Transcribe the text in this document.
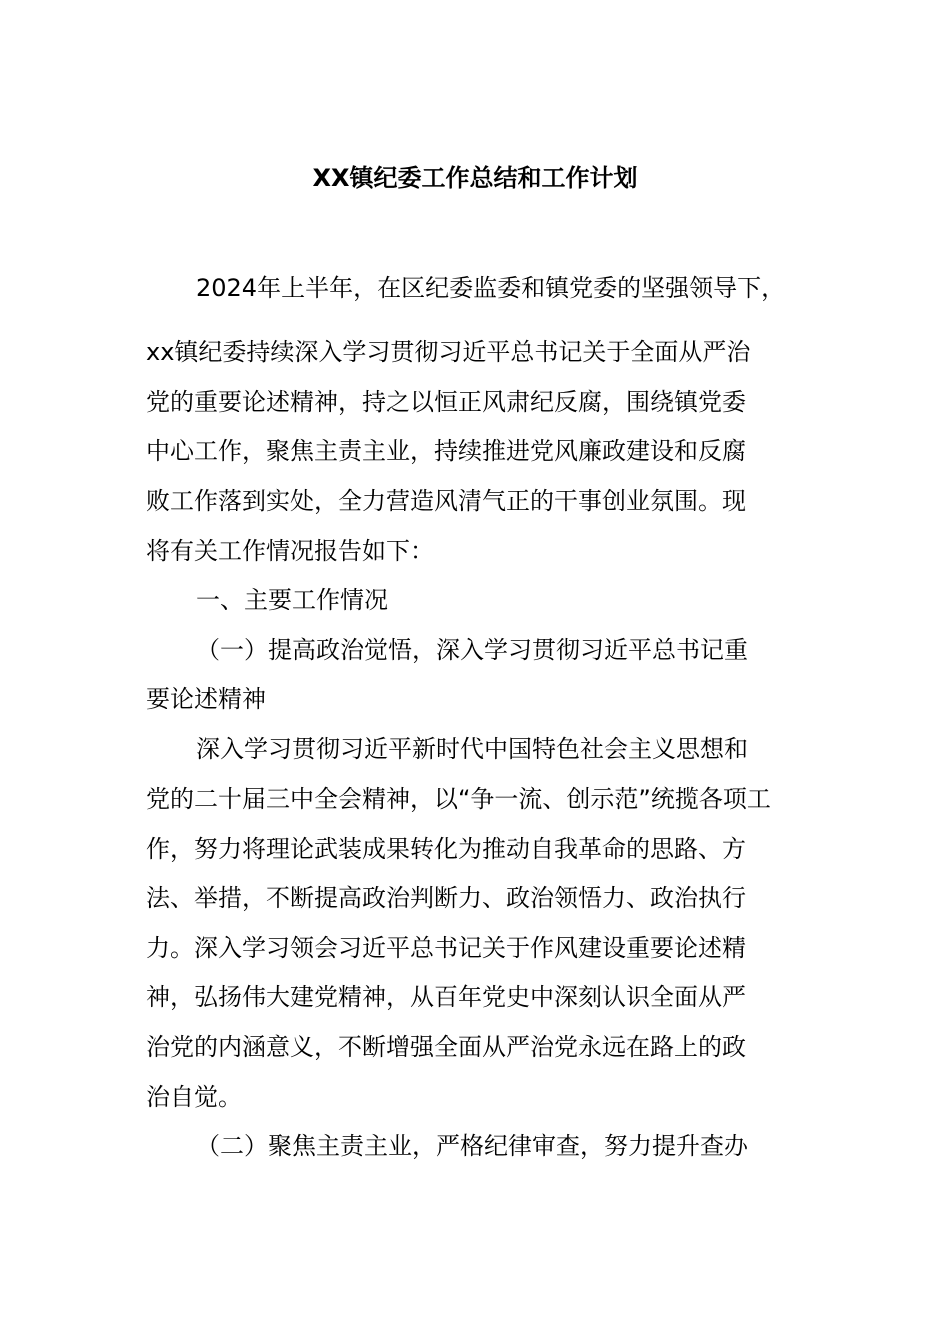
XX镇纪委工作总结和工作计划
2024年上半年，在区纪委监委和镇党委的坚强领导下，
xx镇纪委持续深入学习贯彻习近平总书记关于全面从严治
党的重要论述精神，持之以恒正风肃纪反腐，围绕镇党委
中心工作，聚焦主责主业，持续推进党风廉政建设和反腐
败工作落到实处，全力营造风清气正的干事创业氛围。现
将有关工作情况报告如下：
一、主要工作情况
（一）提高政治觉悟，深入学习贯彻习近平总书记重
要论述精神
深入学习贯彻习近平新时代中国特色社会主义思想和
党的二十届三中全会精神，以“争一流、创示范”统揽各项工
作，努力将理论武装成果转化为推动自我革命的思路、方
法、举措，不断提高政治判断力、政治领悟力、政治执行
力。深入学习领会习近平总书记关于作风建设重要论述精
神，弘扬伟大建党精神，从百年党史中深刻认识全面从严
治党的内涵意义，不断增强全面从严治党永远在路上的政
治自觉。
（二）聚焦主责主业，严格纪律审查，努力提升查办
